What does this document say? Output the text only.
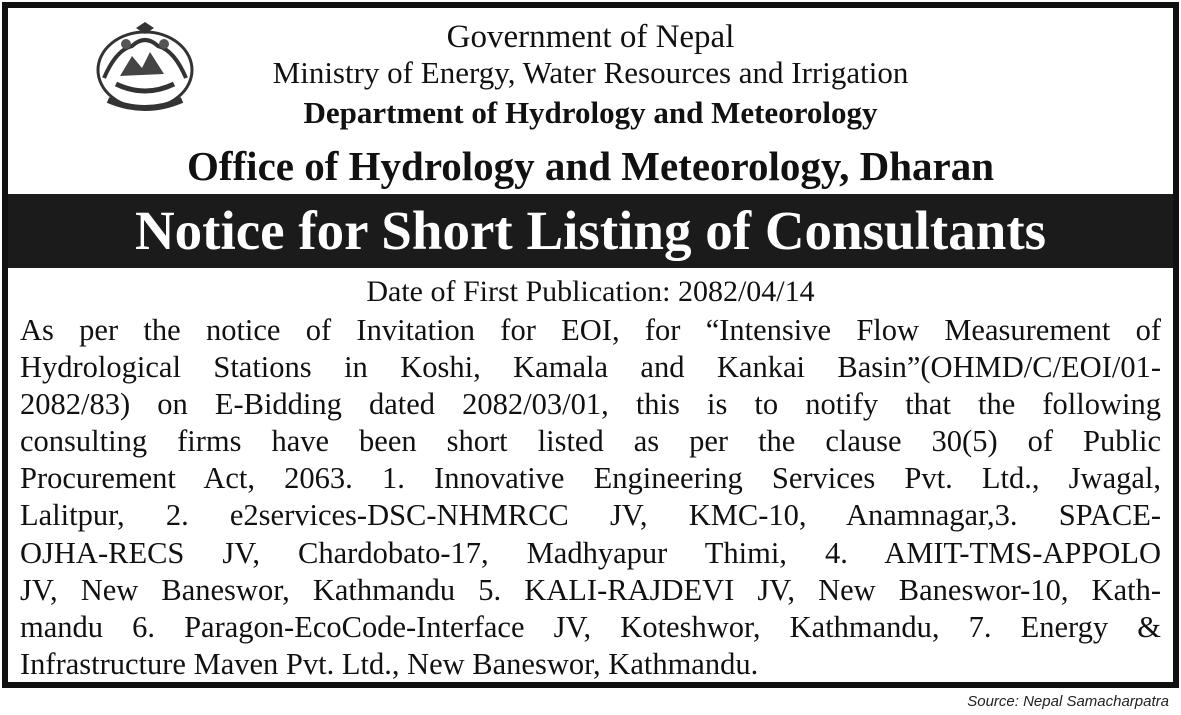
Government of Nepal
Ministry of Energy, Water Resources and Irrigation
Department of Hydrology and Meteorology
Office of Hydrology and Meteorology, Dharan
Notice for Short Listing of Consultants
Date of First Publication: 2082/04/14
As per the notice of Invitation for EOI, for “Intensive Flow Measurement of
Hydrological Stations in Koshi, Kamala and Kankai Basin”(OHMD/C/EOI/01-
2082/83) on E-Bidding dated 2082/03/01, this is to notify that the following
consulting firms have been short listed as per the clause 30(5) of Public
Procurement Act, 2063. 1. Innovative Engineering Services Pvt. Ltd., Jwagal,
Lalitpur, 2. e2services-DSC-NHMRCC JV, KMC-10, Anamnagar,3. SPACE-
OJHA-RECS JV, Chardobato-17, Madhyapur Thimi, 4. AMIT-TMS-APPOLO
JV, New Baneswor, Kathmandu 5. KALI-RAJDEVI JV, New Baneswor-10, Kath-
mandu 6. Paragon-EcoCode-Interface JV, Koteshwor, Kathmandu, 7. Energy &
Infrastructure Maven Pvt. Ltd., New Baneswor, Kathmandu.
Source: Nepal Samacharpatra
